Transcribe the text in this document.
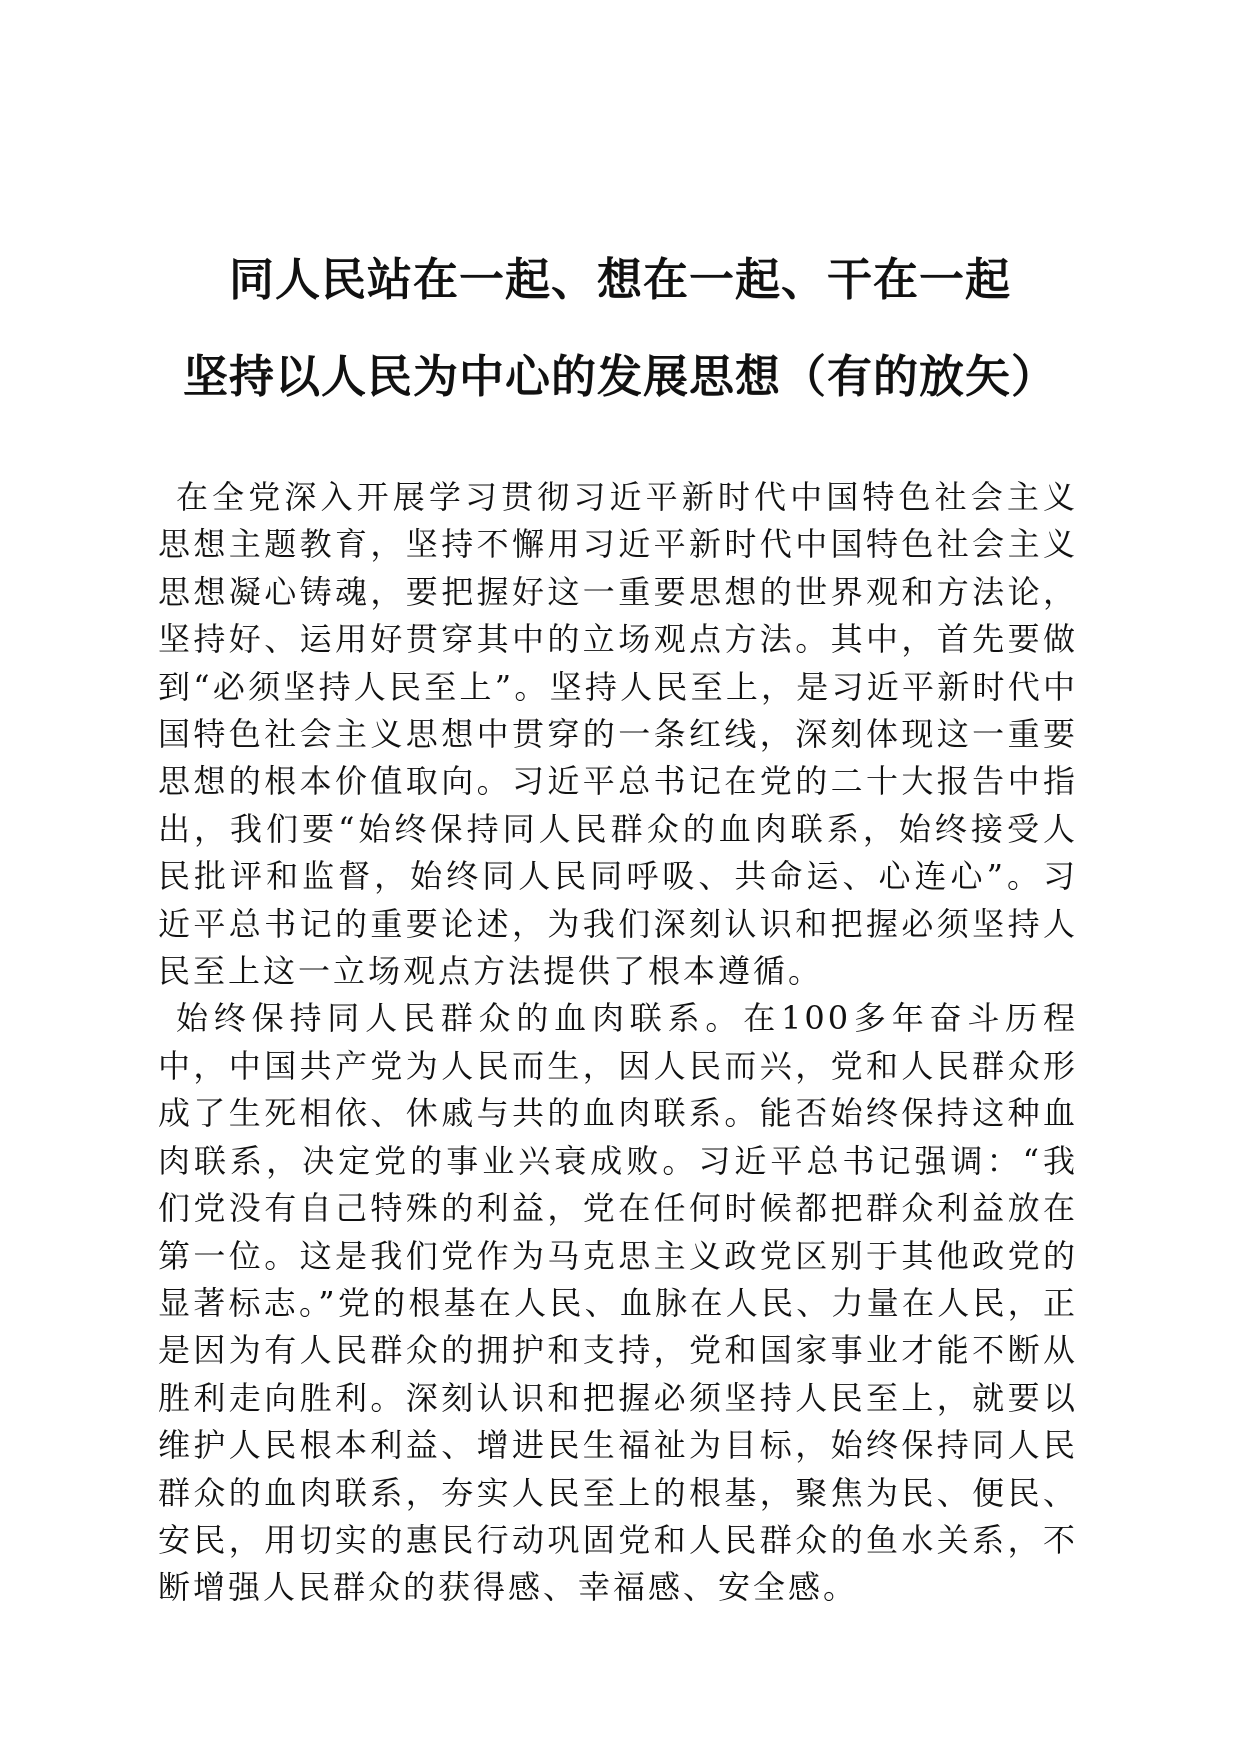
同人民站在一起、想在一起、干在一起
坚持以人民为中心的发展思想（有的放矢）

在全党深入开展学习贯彻习近平新时代中国特色社会主义思想主题教育，坚持不懈用习近平新时代中国特色社会主义思想凝心铸魂，要把握好这一重要思想的世界观和方法论，坚持好、运用好贯穿其中的立场观点方法。其中，首先要做到“必须坚持人民至上”。坚持人民至上，是习近平新时代中国特色社会主义思想中贯穿的一条红线，深刻体现这一重要思想的根本价值取向。习近平总书记在党的二十大报告中指出，我们要“始终保持同人民群众的血肉联系，始终接受人民批评和监督，始终同人民同呼吸、共命运、心连心”。习近平总书记的重要论述，为我们深刻认识和把握必须坚持人民至上这一立场观点方法提供了根本遵循。

始终保持同人民群众的血肉联系。在100多年奋斗历程中，中国共产党为人民而生，因人民而兴，党和人民群众形成了生死相依、休戚与共的血肉联系。能否始终保持这种血肉联系，决定党的事业兴衰成败。习近平总书记强调：“我们党没有自己特殊的利益，党在任何时候都把群众利益放在第一位。这是我们党作为马克思主义政党区别于其他政党的显著标志。”党的根基在人民、血脉在人民、力量在人民，正是因为有人民群众的拥护和支持，党和国家事业才能不断从胜利走向胜利。深刻认识和把握必须坚持人民至上，就要以维护人民根本利益、增进民生福祉为目标，始终保持同人民群众的血肉联系，夯实人民至上的根基，聚焦为民、便民、安民，用切实的惠民行动巩固党和人民群众的鱼水关系，不断增强人民群众的获得感、幸福感、安全感。
